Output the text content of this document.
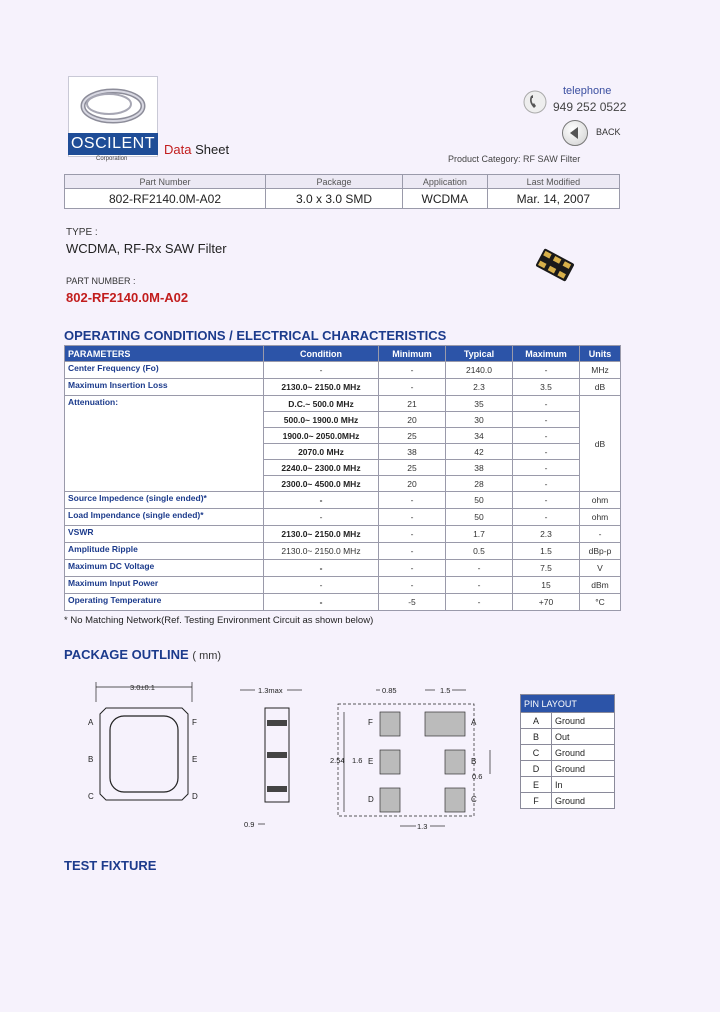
OSCILENT
Corporation
Data Sheet
telephone
949 252 0522
BACK
Product Category: RF SAW Filter
Part Number	Package	Application	Last Modified
802-RF2140.0M-A02	3.0 x 3.0 SMD	WCDMA	Mar. 14, 2007
TYPE :
WCDMA, RF-Rx SAW Filter
PART NUMBER :
802-RF2140.0M-A02
OPERATING CONDITIONS / ELECTRICAL CHARACTERISTICS
PARAMETERS	Condition	Minimum	Typical	Maximum	Units
Center Frequency (Fo)	-	-	2140.0	-	MHz
Maximum Insertion Loss	2130.0~ 2150.0 MHz	-	2.3	3.5	dB
Attenuation:	D.C.~ 500.0 MHz	21	35	-	dB
	500.0~ 1900.0 MHz	20	30	-	
	1900.0~ 2050.0MHz	25	34	-	
	2070.0 MHz	38	42	-	
	2240.0~ 2300.0 MHz	25	38	-	
	2300.0~ 4500.0 MHz	20	28	-	
Source Impedence (single ended)*	-	-	50	-	ohm
Load Impendance (single ended)*	-	-	50	-	ohm
VSWR	2130.0~ 2150.0 MHz	-	1.7	2.3	-
Amplitude Ripple	2130.0~ 2150.0 MHz	-	0.5	1.5	dBp-p
Maximum DC Voltage	-	-	-	7.5	V
Maximum Input Power	-	-	-	15	dBm
Operating Temperature	-	-5	-	+70	°C
* No Matching Network(Ref. Testing Environment Circuit as shown below)
PACKAGE OUTLINE ( mm)
3.0±0.1
A
B
C
F
E
D
1.3max
0.9
0.85	1.5
F
E
D
A
B
C
2.54 1.6
0.6
1.3
PIN LAYOUT	
A	Ground
B	Out
C	Ground
D	Ground
E	In
F	Ground
TEST FIXTURE
